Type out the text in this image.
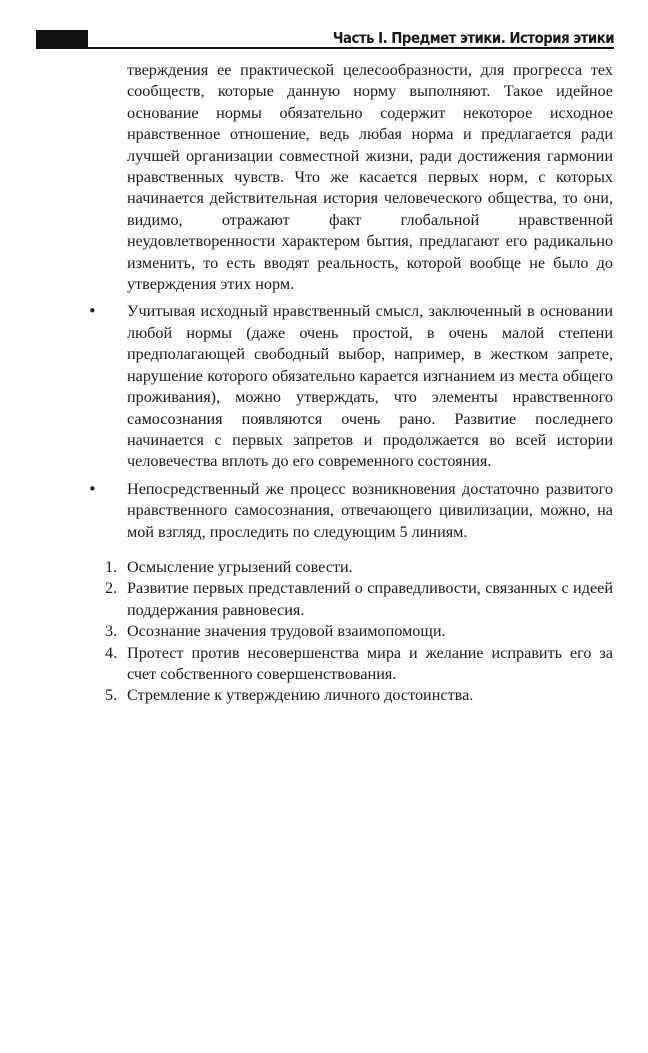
Часть I. Предмет этики. История этики

тверждения ее практической целесообразности, для прогресса тех сообществ, которые данную норму выполняют. Такое идейное основание нормы обязательно содержит некоторое исходное нравственное отношение, ведь любая норма и предлагается ради лучшей организации совместной жизни, ради достижения гармонии нравственных чувств. Что же касается первых норм, с которых начинается действительная история человеческого общества, то они, видимо, отражают факт глобальной нравственной неудовлетворенности характером бытия, предлагают его радикально изменить, то есть вводят реальность, которой вообще не было до утверждения этих норм.

• Учитывая исходный нравственный смысл, заключенный в основании любой нормы (даже очень простой, в очень малой степени предполагающей свободный выбор, например, в жестком запрете, нарушение которого обязательно карается изгнанием из места общего проживания), можно утверждать, что элементы нравственного самосознания появляются очень рано. Развитие последнего начинается с первых запретов и продолжается во всей истории человечества вплоть до его современного состояния.

• Непосредственный же процесс возникновения достаточно развитого нравственного самосознания, отвечающего цивилизации, можно, на мой взгляд, проследить по следующим 5 линиям.

1. Осмысление угрызений совести.

2. Развитие первых представлений о справедливости, связанных с идеей поддержания равновесия.

3. Осознание значения трудовой взаимопомощи.

4. Протест против несовершенства мира и желание исправить его за счет собственного совершенствования.

5. Стремление к утверждению личного достоинства.
